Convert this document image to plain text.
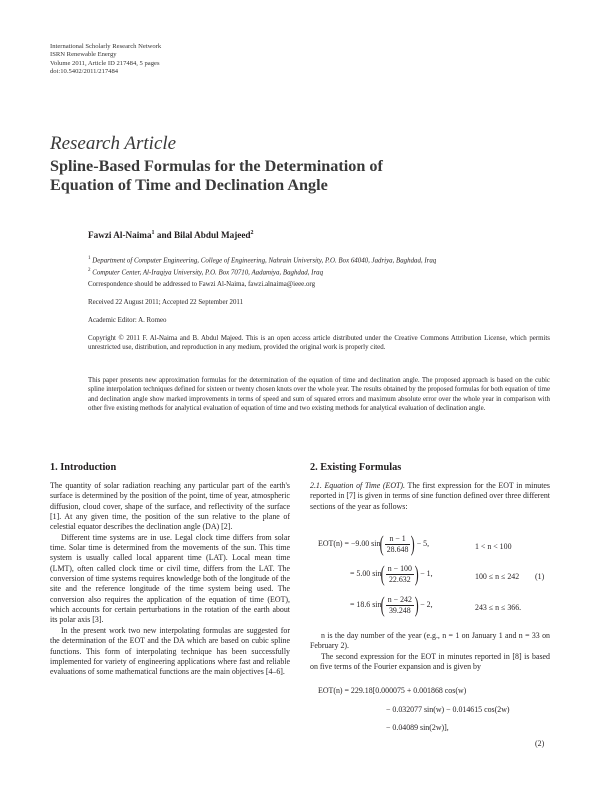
International Scholarly Research Network
ISRN Renewable Energy
Volume 2011, Article ID 217484, 5 pages
doi:10.5402/2011/217484
Research Article
Spline-Based Formulas for the Determination of
Equation of Time and Declination Angle
Fawzi Al-Naima$^1$ and Bilal Abdul Majeed$^2$
$^1$ Department of Computer Engineering, College of Engineering, Nahrain University, P.O. Box 64040, Jadriya, Baghdad, Iraq
$^2$ Computer Center, Al-Iraqiya University, P.O. Box 70710, Aadamiya, Baghdad, Iraq
Correspondence should be addressed to Fawzi Al-Naima, fawzi.alnaima@ieee.org
Received 22 August 2011; Accepted 22 September 2011
Academic Editor: A. Romeo
Copyright © 2011 F. Al-Naima and B. Abdul Majeed. This is an open access article distributed under the Creative Commons Attribution License, which permits unrestricted use, distribution, and reproduction in any medium, provided the original work is properly cited.
This paper presents new approximation formulas for the determination of the equation of time and declination angle. The proposed approach is based on the cubic spline interpolation techniques defined for sixteen or twenty chosen knots over the whole year. The results obtained by the proposed formulas for both equation of time and declination angle show marked improvements in terms of speed and sum of squared errors and maximum absolute error over the whole year in comparison with other five existing methods for analytical evaluation of equation of time and two existing methods for analytical evaluation of declination angle.
1. Introduction

The quantity of solar radiation reaching any particular part of the earth's surface is determined by the position of the point, time of year, atmospheric diffusion, cloud cover, shape of the surface, and reflectivity of the surface [1]. At any given time, the position of the sun relative to the plane of celestial equator describes the declination angle (DA) [2].

Different time systems are in use. Legal clock time differs from solar time. Solar time is determined from the movements of the sun. This time system is usually called local apparent time (LAT). Local mean time (LMT), often called clock time or civil time, differs from the LAT. The conversion of time systems requires knowledge both of the longitude of the site and the reference longitude of the time system being used. The conversion also requires the application of the equation of time (EOT), which accounts for certain perturbations in the rotation of the earth about its polar axis [3].

In the present work two new interpolating formulas are suggested for the determination of the EOT and the DA which are based on cubic spline functions. This form of interpolating technique has been successfully implemented for variety of engineering applications where fast and reliable evaluations of some mathematical functions are the main objectives [4–6].

2. Existing Formulas

2.1. Equation of Time (EOT). The first expression for the EOT in minutes reported in [7] is given in terms of sine function defined over three different sections of the year as follows:

EOT(n) = −9.00 $\sin( \frac{n - 1}{28.648}$ ) − 5,	1 < n < 100
= 5.00 $\sin( \frac{n - 100}{22.632}$ ) − 1,	100 ≤ n ≤ 242 (1)
= 18.6 $\sin( \frac{n - 242}{39.248}$ ) − 2,	243 ≤ n ≤ 366.

n is the day number of the year (e.g., n = 1 on January 1 and n = 33 on February 2).

The second expression for the EOT in minutes reported in [8] is based on five terms of the Fourier expansion and is given by

EOT(n) = 229.18[0.000075 + 0.001868 cos(w)
− 0.032077 sin(w) − 0.014615 cos(2w)
− 0.04089 sin(2w)],
(2)
